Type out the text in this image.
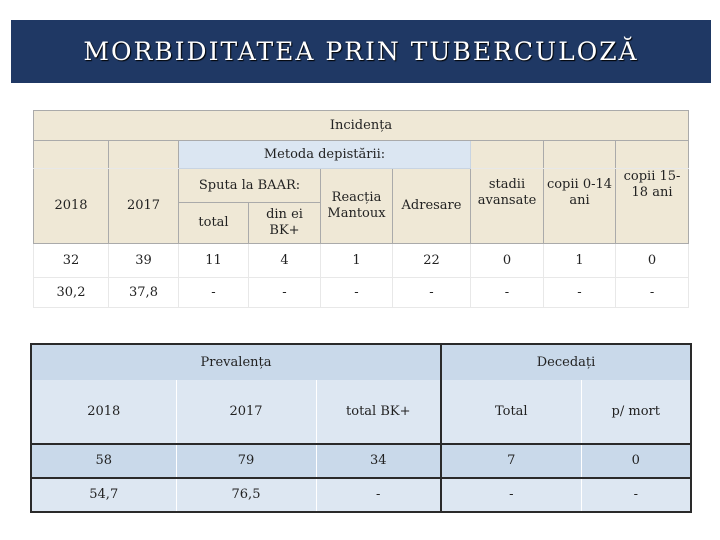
MORBIDITATEA PRIN TUBERCULOZĂ
Incidența								
		Metoda depistării:						
2018	2017	Sputa la BAAR:		Reacția Mantoux	Adresare	stadii avansate	copii 0-14 ani	copii 15-18 ani
		total	din ei BK+					
32	39	11	4	1	22	0	1	0
30,2	37,8	-	-	-	-	-	-	-
Prevalența			Decedați	
2018	2017	total BK+	Total	p/ mort
58	79	34	7	0
54,7	76,5	-	-	-
